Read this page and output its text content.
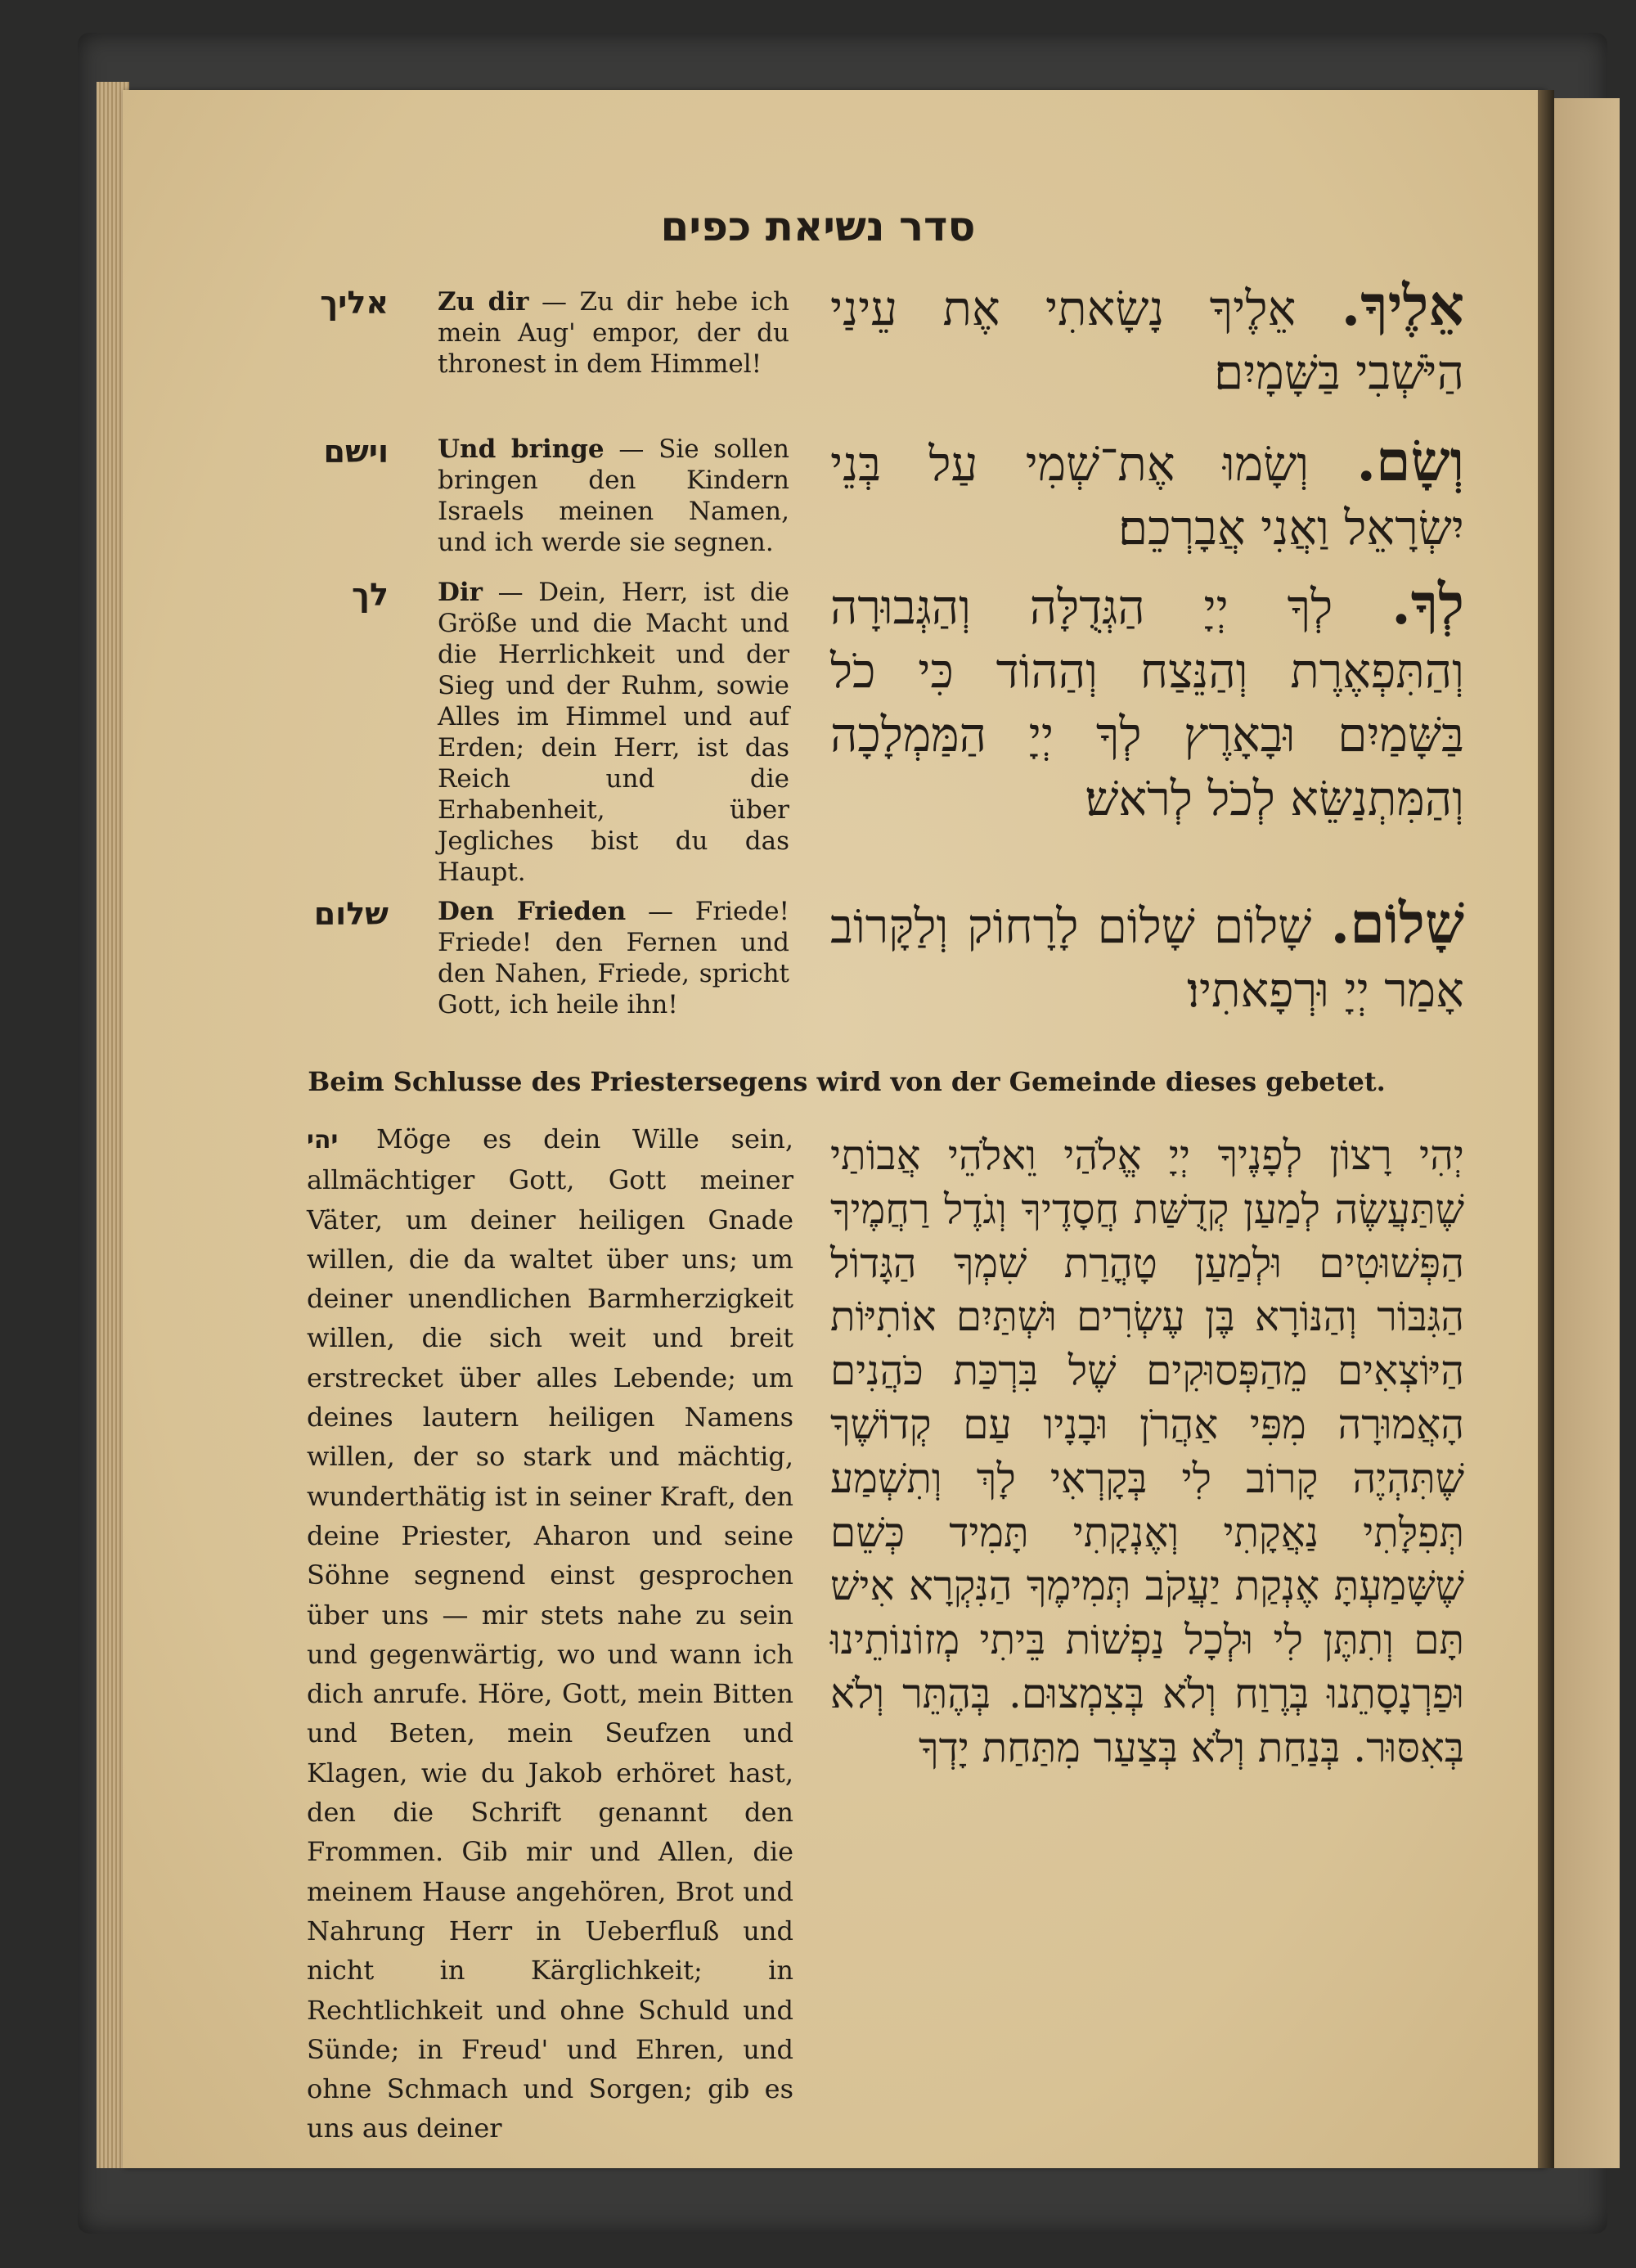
סדר נשיאת כפים
אליך Zu dir — Zu dir hebe ich mein Aug' empor, der du thronest in dem Himmel!
אֵלֶיךָ. אֵלֶיךָ נָשָׂאתִי אֶת עֵינַי הַיֹּשְׁבִי בַּשָּׁמָיִם׃
וישם Und bringe — Sie sollen bringen den Kindern Israels meinen Namen, und ich werde sie segnen.
וְשָׂם. וְשָׂמוּ אֶת־שְׁמִי עַל בְּנֵי יִשְׂרָאֵל וַאֲנִי אֲבָרְכֵם׃
לך Dir — Dein, Herr, ist die Größe und die Macht und die Herrlichkeit und der Sieg und der Ruhm, sowie Alles im Himmel und auf Erden; dein Herr, ist das Reich und die Erhabenheit, über Jegliches bist du das Haupt.
לְךָ. לְךָ יְיָ הַגְּדֻלָּה וְהַגְּבוּרָה וְהַתִּפְאֶרֶת וְהַנֵּצַח וְהַהוֹד כִּי כֹל בַּשָּׁמַיִם וּבָאָרֶץ לְךָ יְיָ הַמַּמְלָכָה וְהַמִּתְנַשֵּׂא לְכֹל לְרֹאשׁ׃
שלום Den Frieden — Friede! Friede! den Fernen und den Nahen, Friede, spricht Gott, ich heile ihn!
שָׁלוֹם. שָׁלוֹם שָׁלוֹם לָרָחוֹק וְלַקָּרוֹב אָמַר יְיָ וּרְפָאתִיו׃
Beim Schlusse des Priestersegens wird von der Gemeinde dieses gebetet.
יהי Möge es dein Wille sein, allmächtiger Gott, Gott meiner Väter, um deiner heiligen Gnade willen, die da waltet über uns; um deiner unendlichen Barmherzigkeit willen, die sich weit und breit erstrecket über alles Lebende; um deines lautern heiligen Namens willen, der so stark und mächtig, wunderthätig ist in seiner Kraft, den deine Priester, Aharon und seine Söhne segnend einst gesprochen über uns — mir stets nahe zu sein und gegenwärtig, wo und wann ich dich anrufe. Höre, Gott, mein Bitten und Beten, mein Seufzen und Klagen, wie du Jakob erhöret hast, den die Schrift genannt den Frommen. Gib mir und Allen, die meinem Hause angehören, Brot und Nahrung Herr in Ueberfluß und nicht in Kärglichkeit; in Rechtlichkeit und ohne Schuld und Sünde; in Freud' und Ehren, und ohne Schmach und Sorgen; gib es uns aus deiner
יְהִי רָצוֹן לְפָנֶיךָ יְיָ אֱלֹהַי וֵאלֹהֵי אֲבוֹתַי שֶׁתַּעֲשֶׂה לְמַעַן קְדֻשַּׁת חֲסָדֶיךָ וְגֹדֶל רַחֲמֶיךָ הַפְּשׁוּטִים וּלְמַעַן טָהֳרַת שִׁמְךָ הַגָּדוֹל הַגִּבּוֹר וְהַנּוֹרָא בֶּן עֶשְׂרִים וּשְׁתַּיִם אוֹתִיּוֹת הַיּוֹצְאִים מֵהַפְּסוּקִים שֶׁל בִּרְכַּת כֹּהֲנִים הָאֲמוּרָה מִפִּי אַהֲרֹן וּבָנָיו עַם קְדוֹשֶׁךָ שֶׁתִּהְיֶה קָרוֹב לִי בְּקָרְאִי לָךְ וְתִשְׁמַע תְּפִלָּתִי נַאֲקָתִי וְאֶנְקָתִי תָּמִיד כְּשֵׁם שֶׁשָּׁמַעְתָּ אֶנְקַת יַעֲקֹב תְּמִימֶךָ הַנִּקְרָא אִישׁ תָּם וְתִתֶּן לִי וּלְכָל נַפְשׁוֹת בֵּיתִי מְזוֹנוֹתֵינוּ וּפַרְנָסָתֵנוּ בְּרֶוַח וְלֹא בְּצִמְצוּם. בְּהֶתֵּר וְלֹא בְּאִסּוּר. בְּנַחַת וְלֹא בְּצַעַר מִתַּחַת יָדְךָ
